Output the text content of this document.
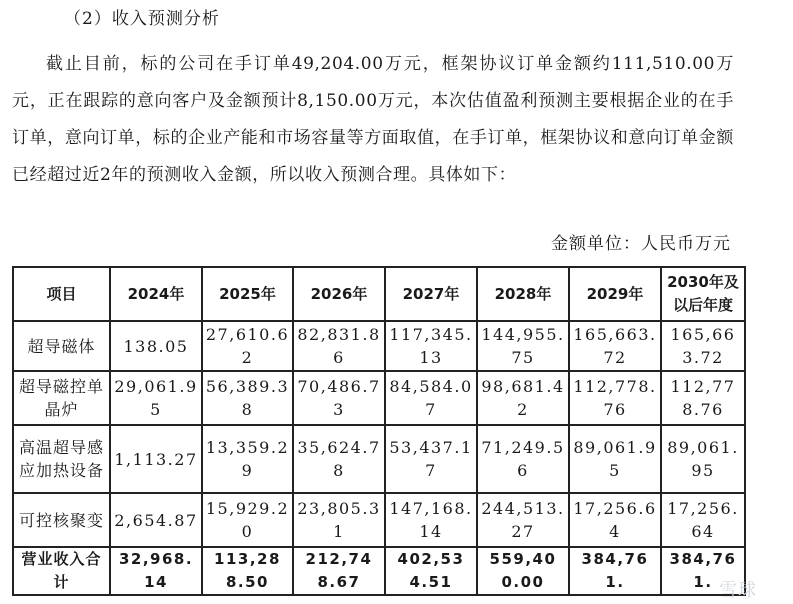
（2）收入预测分析

截止目前，标的公司在手订单49,204.00万元，框架协议订单金额约111,510.00万元，正在跟踪的意向客户及金额预计8,150.00万元，本次估值盈利预测主要根据企业的在手订单，意向订单，标的企业产能和市场容量等方面取值，在手订单，框架协议和意向订单金额已经超过近2年的预测收入金额，所以收入预测合理。具体如下：

金额单位：人民币万元
项目	2024年	2025年	2026年	2027年	2028年	2029年	2030年及以后年度
超导磁体	138.05	27,610.62	82,831.86	117,345.13	144,955.75	165,663.72	165,663.72
超导磁控单晶炉	29,061.95	56,389.38	70,486.73	84,584.07	98,681.42	112,778.76	112,778.76
高温超导感应加热设备	1,113.27	13,359.29	35,624.78	53,437.17	71,249.56	89,061.95	89,061.95
可控核聚变	2,654.87	15,929.20	23,805.31	147,168.14	244,513.27	17,256.64	17,256.64
营业收入合计	32,968.14	113,288.50	212,748.67	402,534.51	559,400.00	384,761.	384,761. 雪球
